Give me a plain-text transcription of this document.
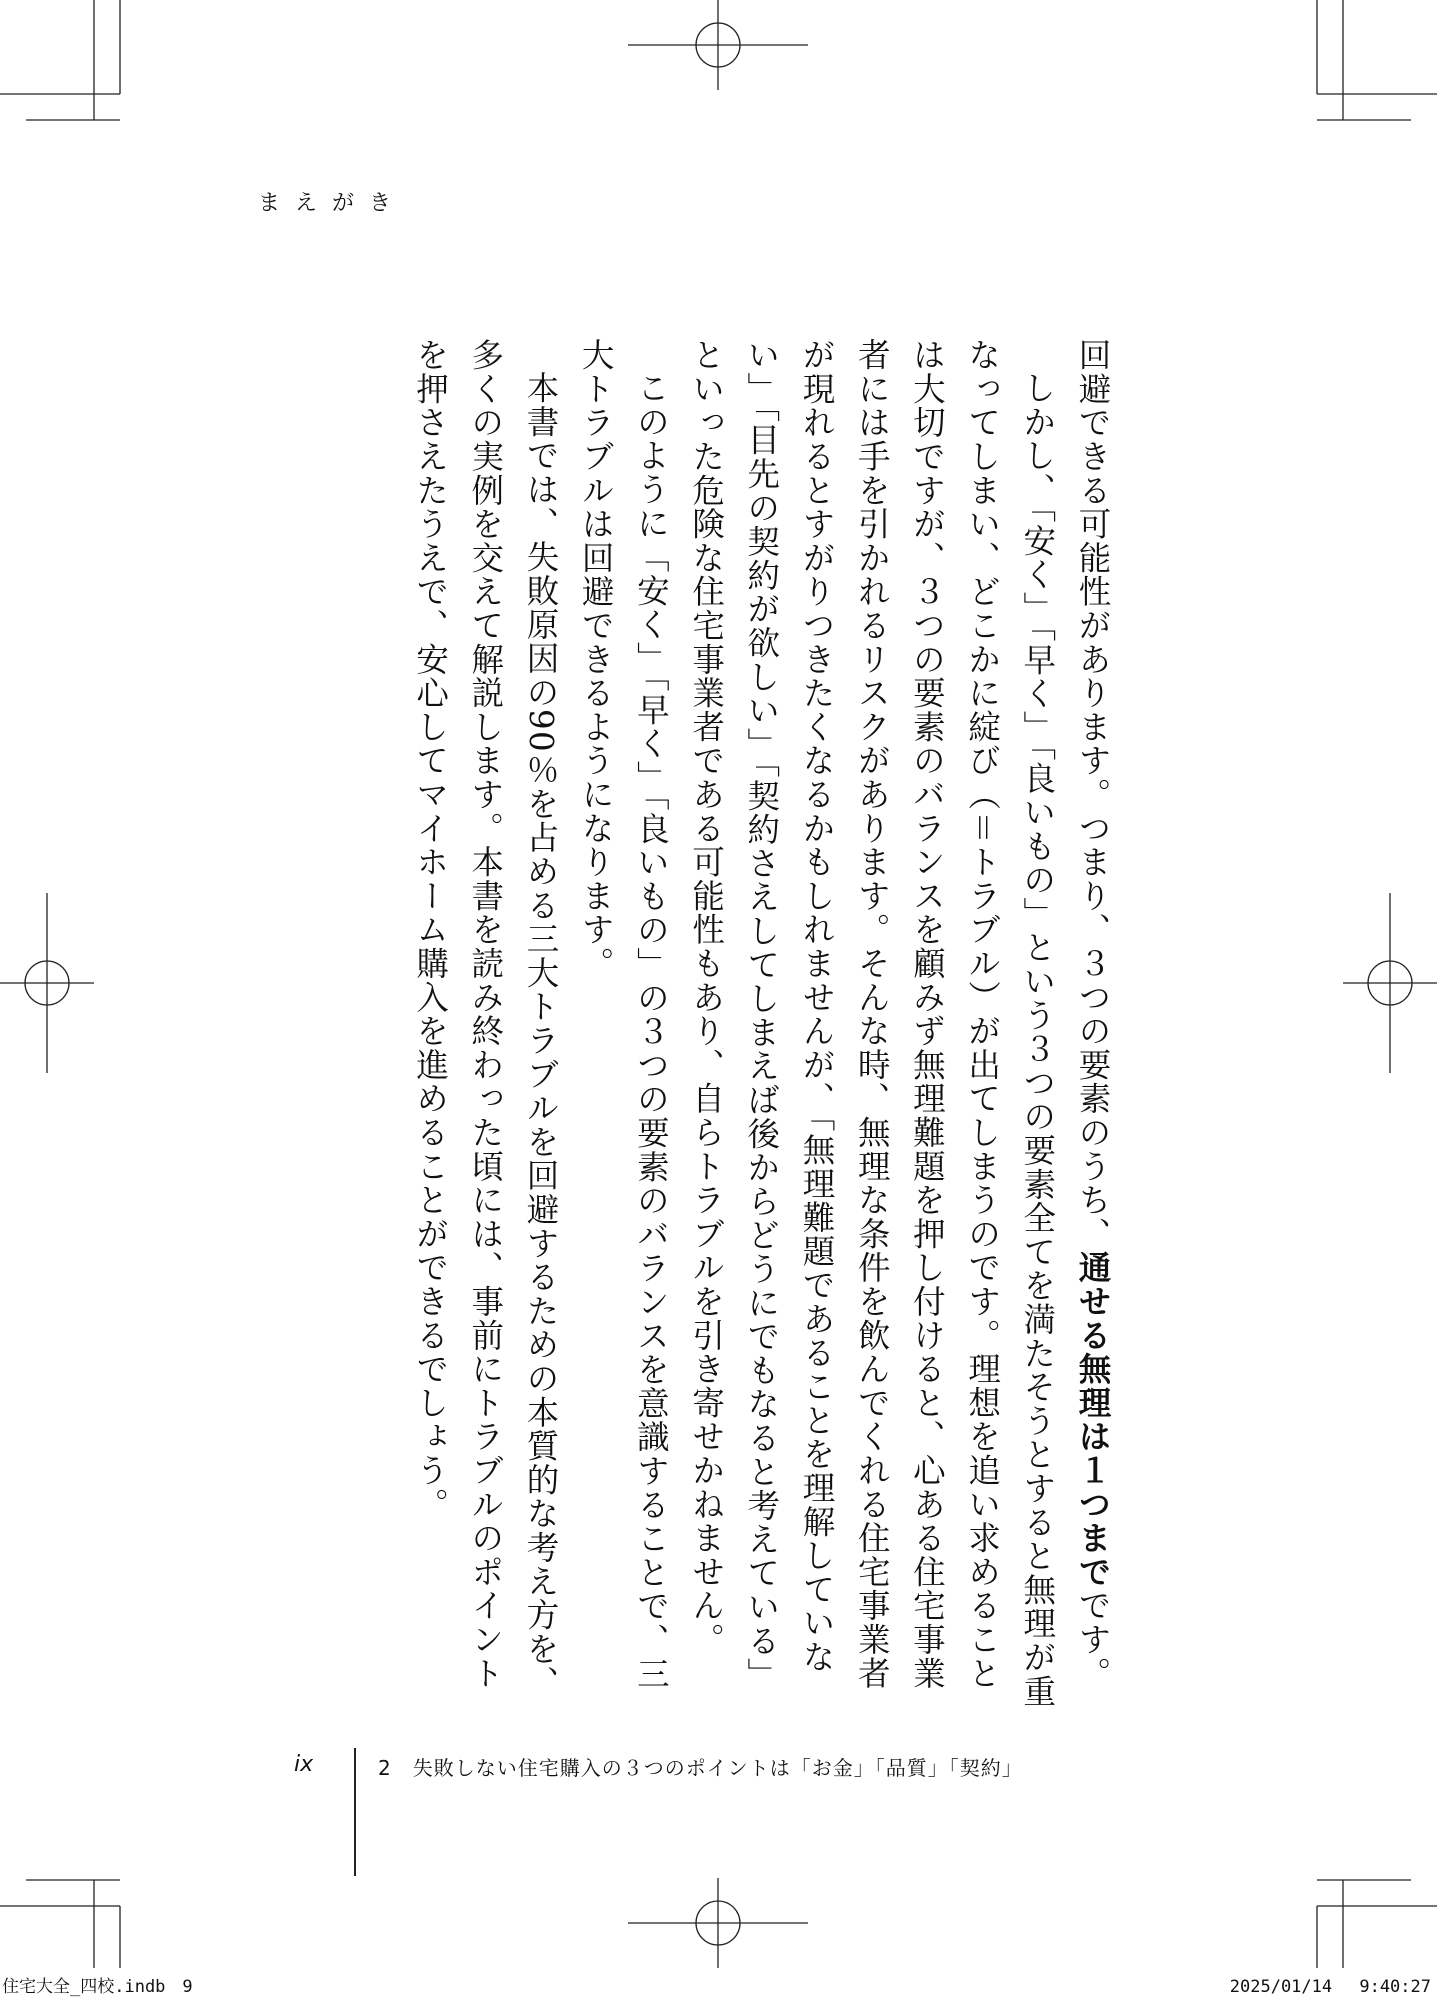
まえがき

回避できる可能性があります。つまり、３つの要素のうち、通せる無理は１つまでです。

しかし、「安く」「早く」「良いもの」という３つの要素全てを満たそうとすると無理が重なってしまい、どこかに綻び（＝トラブル）が出てしまうのです。理想を追い求めることは大切ですが、３つの要素のバランスを顧みず無理難題を押し付けると、心ある住宅事業者には手を引かれるリスクがあります。そんな時、無理な条件を飲んでくれる住宅事業者が現れるとすがりつきたくなるかもしれませんが、「無理難題であることを理解していない」「目先の契約が欲しい」「契約さえしてしまえば後からどうにでもなると考えている」といった危険な住宅事業者である可能性もあり、自らトラブルを引き寄せかねません。

このように「安く」「早く」「良いもの」の３つの要素のバランスを意識することで、三大トラブルは回避できるようになります。

本書では、失敗原因の90％を占める三大トラブルを回避するための本質的な考え方を、多くの実例を交えて解説します。本書を読み終わった頃には、事前にトラブルのポイントを押さえたうえで、安心してマイホーム購入を進めることができるでしょう。

ix	2　失敗しない住宅購入の３つのポイントは「お金」「品質」「契約」
住宅大全_四校.indb　9	2025/01/14　 9:40:27
